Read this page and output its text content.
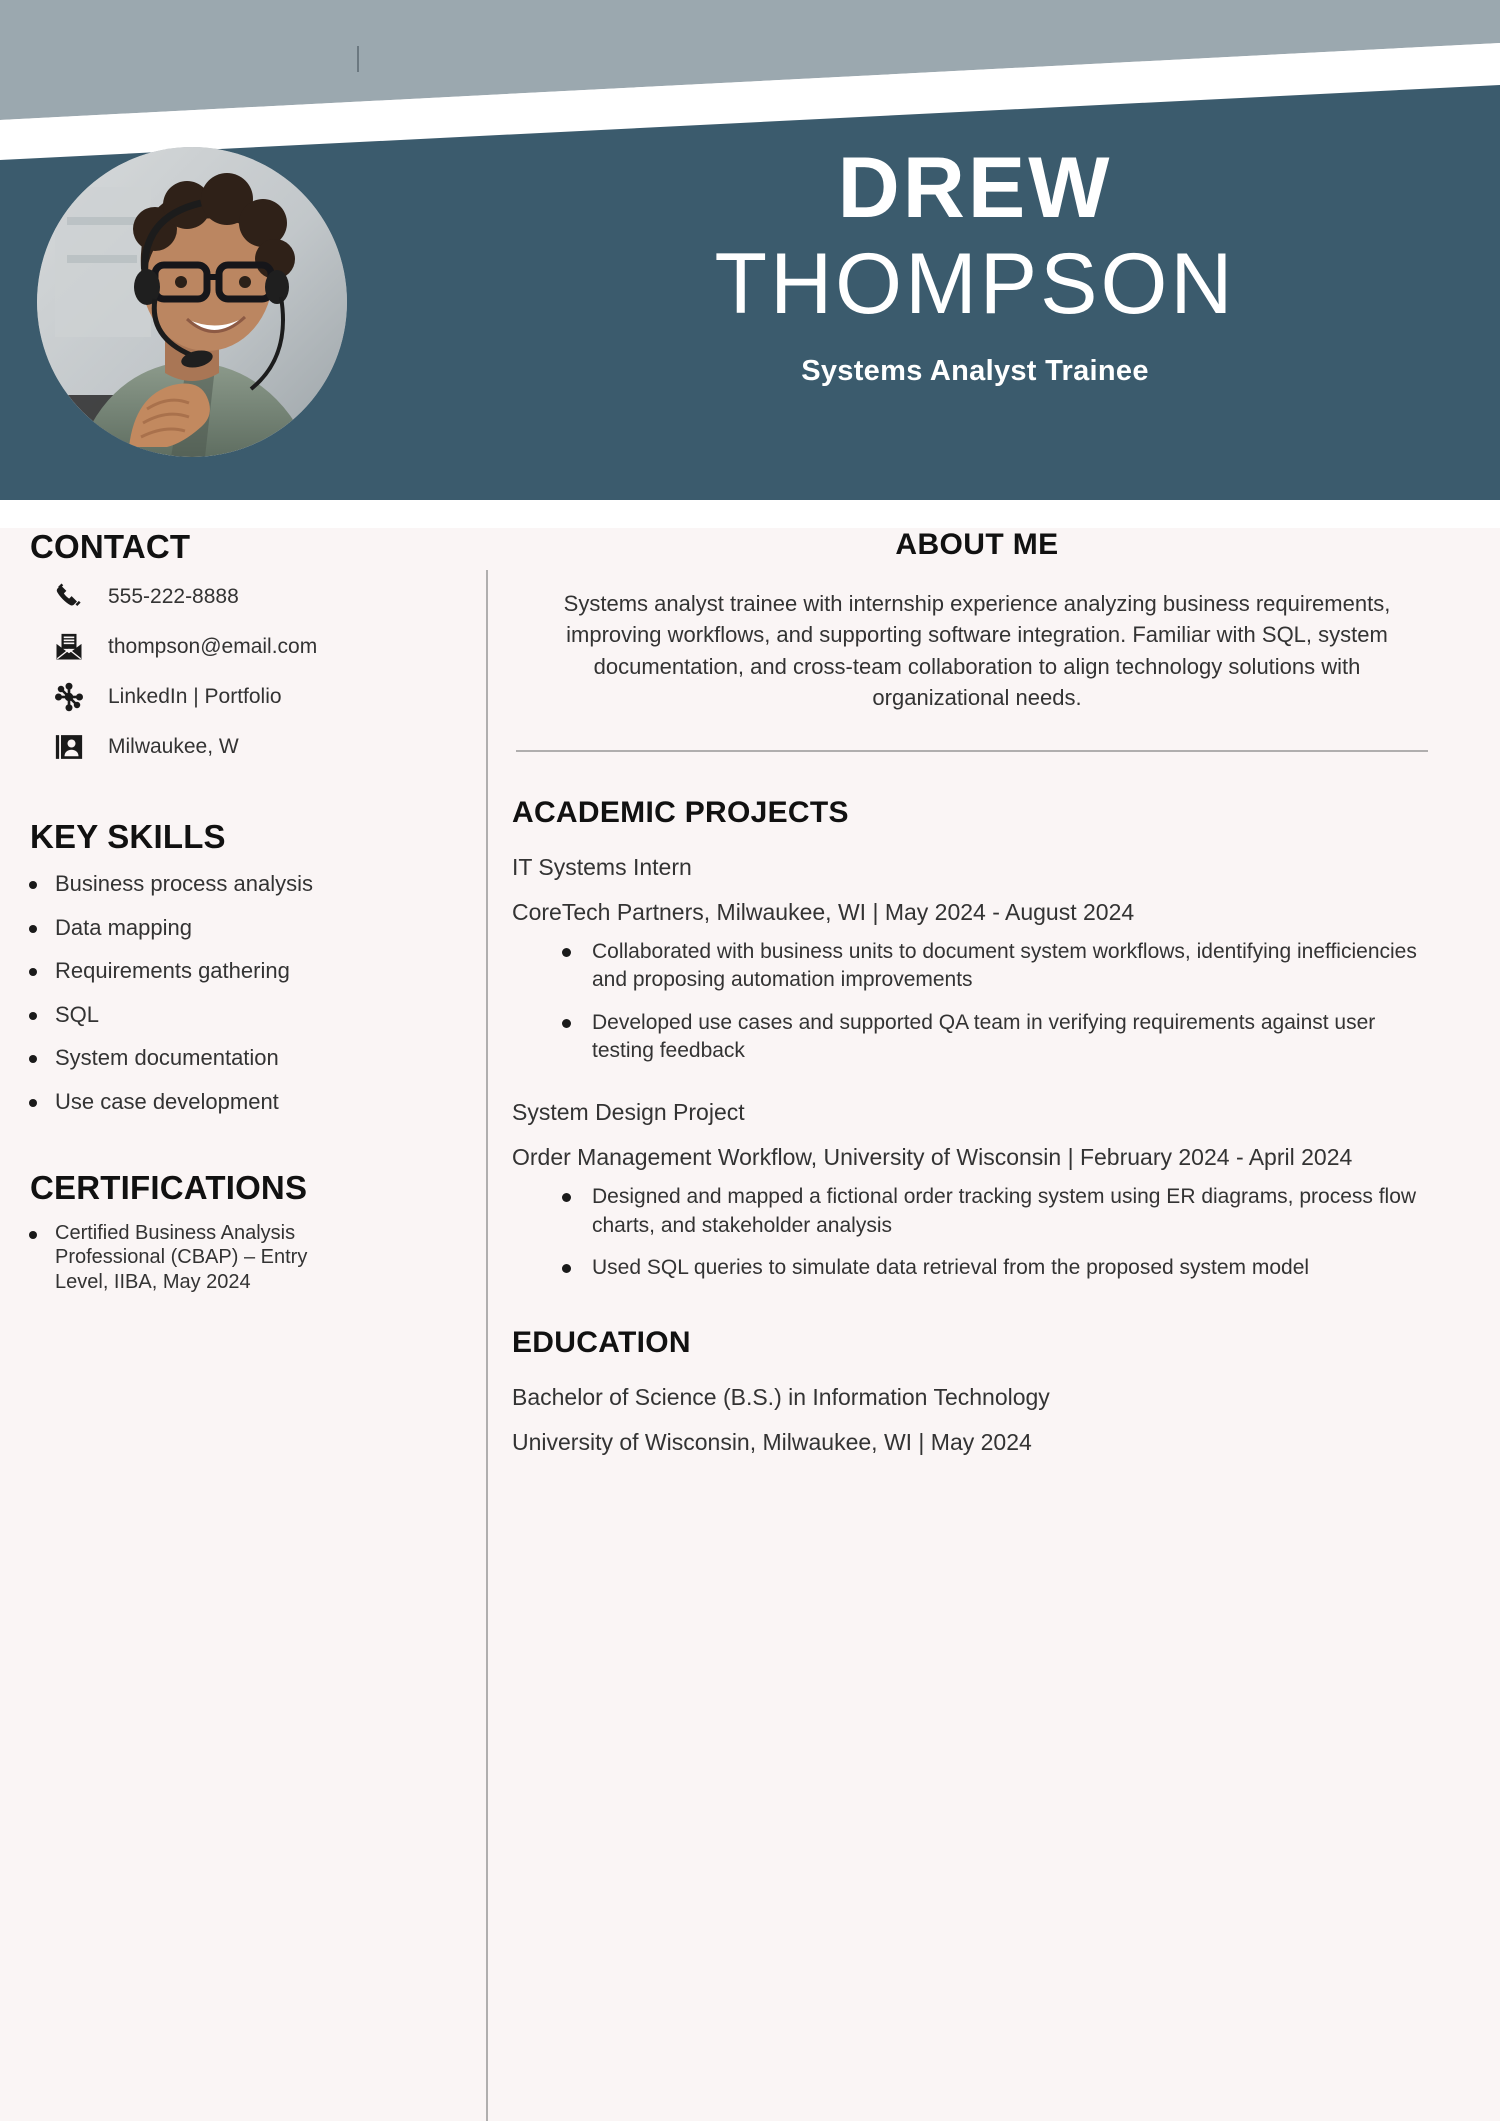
DREW
THOMPSON
Systems Analyst Trainee
CONTACT
555-222-8888
thompson@email.com
LinkedIn | Portfolio
Milwaukee, W
KEY SKILLS
Business process analysis
Data mapping
Requirements gathering
SQL
System documentation
Use case development
CERTIFICATIONS
Certified Business Analysis Professional (CBAP) – Entry Level, IIBA, May 2024
ABOUT ME

Systems analyst trainee with internship experience analyzing business requirements, improving workflows, and supporting software integration. Familiar with SQL, system documentation, and cross-team collaboration to align technology solutions with organizational needs.

ACADEMIC PROJECTS
IT Systems Intern
CoreTech Partners, Milwaukee, WI | May 2024 - August 2024
Collaborated with business units to document system workflows, identifying inefficiencies and proposing automation improvements
Developed use cases and supported QA team in verifying requirements against user testing feedback
System Design Project
Order Management Workflow, University of Wisconsin | February 2024 - April 2024
Designed and mapped a fictional order tracking system using ER diagrams, process flow charts, and stakeholder analysis
Used SQL queries to simulate data retrieval from the proposed system model
EDUCATION
Bachelor of Science (B.S.) in Information Technology
University of Wisconsin, Milwaukee, WI | May 2024
